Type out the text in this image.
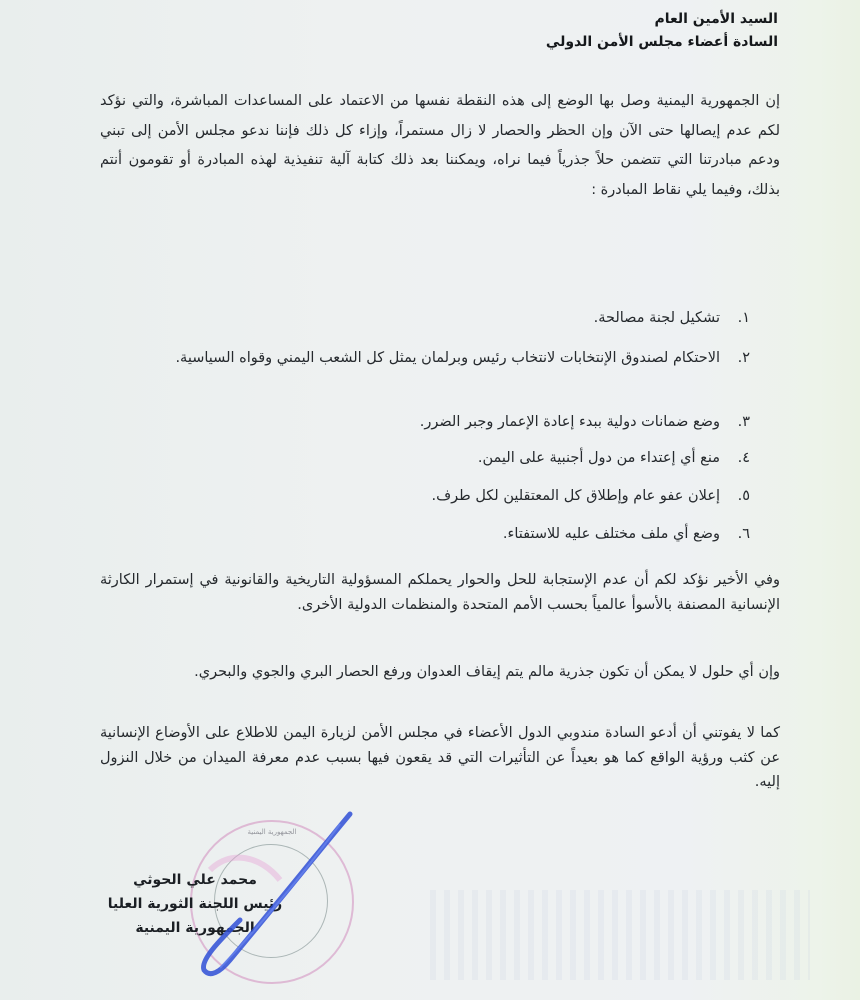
السيد الأمين العام
السادة أعضاء مجلس الأمن الدولي

إن الجمهورية اليمنية وصل بها الوضع إلى هذه النقطة نفسها من الاعتماد على المساعدات المباشرة، والتي نؤكد لكم عدم إيصالها حتى الآن وإن الحظر والحصار لا زال مستمراً، وإزاء كل ذلك فإننا ندعو مجلس الأمن إلى تبني ودعم مبادرتنا التي تتضمن حلاً جذرياً فيما نراه، ويمكننا بعد ذلك كتابة آلية تنفيذية لهذه المبادرة أو تقومون أنتم بذلك، وفيما يلي نقاط المبادرة :

١.
تشكيل لجنة مصالحة.
٢.
الاحتكام لصندوق الإنتخابات لانتخاب رئيس وبرلمان يمثل كل الشعب اليمني وقواه السياسية.
٣.
وضع ضمانات دولية ببدء إعادة الإعمار وجبر الضرر.
٤.
منع أي إعتداء من دول أجنبية على اليمن.
٥.
إعلان عفو عام وإطلاق كل المعتقلين لكل طرف.
٦.
وضع أي ملف مختلف عليه للاستفتاء.

وفي الأخير نؤكد لكم أن عدم الإستجابة للحل والحوار يحملكم المسؤولية التاريخية والقانونية في إستمرار الكارثة الإنسانية المصنفة بالأسوأ عالمياً بحسب الأمم المتحدة والمنظمات الدولية الأخرى.

وإن أي حلول لا يمكن أن تكون جذرية مالم يتم إيقاف العدوان ورفع الحصار البري والجوي والبحري.

كما لا يفوتني أن أدعو السادة مندوبي الدول الأعضاء في مجلس الأمن لزيارة اليمن للاطلاع على الأوضاع الإنسانية عن كثب ورؤية الواقع كما هو بعيداً عن التأثيرات التي قد يقعون فيها بسبب عدم معرفة الميدان من خلال النزول إليه.

الجمهورية اليمنية
محمد علي الحوثي
رئيس اللجنة الثورية العليا
الجمهورية اليمنية
